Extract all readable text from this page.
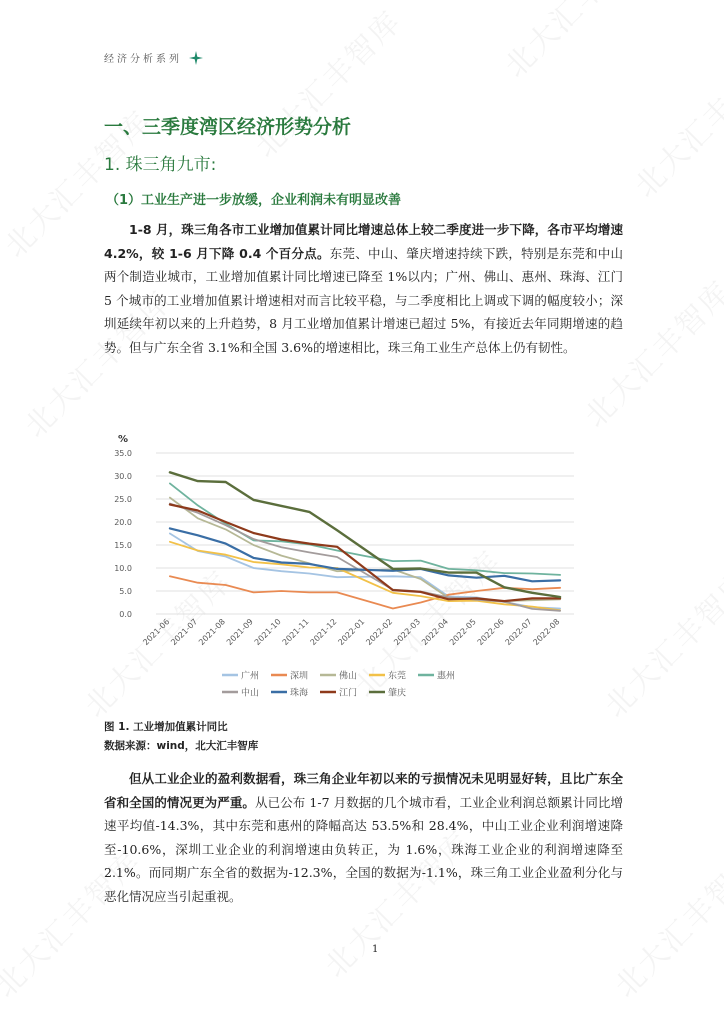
经济分析系列
一、三季度湾区经济形势分析
1. 珠三角九市:
（1）工业生产进一步放缓，企业利润未有明显改善
1-8 月，珠三角各市工业增加值累计同比增速总体上较二季度进一步下降，各市平均增速 4.2%，较 1-6 月下降 0.4 个百分点。东莞、中山、肇庆增速持续下跌，特别是东莞和中山两个制造业城市，工业增加值累计同比增速已降至 1%以内；广州、佛山、惠州、珠海、江门 5 个城市的工业增加值累计增速相对而言比较平稳，与二季度相比上调或下调的幅度较小；深圳延续年初以来的上升趋势，8 月工业增加值累计增速已超过 5%，有接近去年同期增速的趋势。但与广东全省 3.1%和全国 3.6%的增速相比，珠三角工业生产总体上仍有韧性。
%
0.0
5.0
10.0
15.0
20.0
25.0
30.0
35.0
2021-06
2021-07
2021-08
2021-09
2021-10
2021-11
2021-12
2022-01
2022-02
2022-03
2022-04
2022-05
2022-06
2022-07
2022-08
广州	深圳	佛山	东莞	惠州
中山	珠海	江门	肇庆
图 1. 工业增加值累计同比
数据来源：wind，北大汇丰智库
但从工业企业的盈利数据看，珠三角企业年初以来的亏损情况未见明显好转，且比广东全省和全国的情况更为严重。从已公布 1-7 月数据的几个城市看，工业企业利润总额累计同比增速平均值-14.3%，其中东莞和惠州的降幅高达 53.5%和 28.4%，中山工业企业利润增速降至-10.6%，深圳工业企业的利润增速由负转正，为 1.6%，珠海工业企业的利润增速降至 2.1%。而同期广东全省的数据为-12.3%，全国的数据为-1.1%，珠三角工业企业盈利分化与恶化情况应当引起重视。
1
